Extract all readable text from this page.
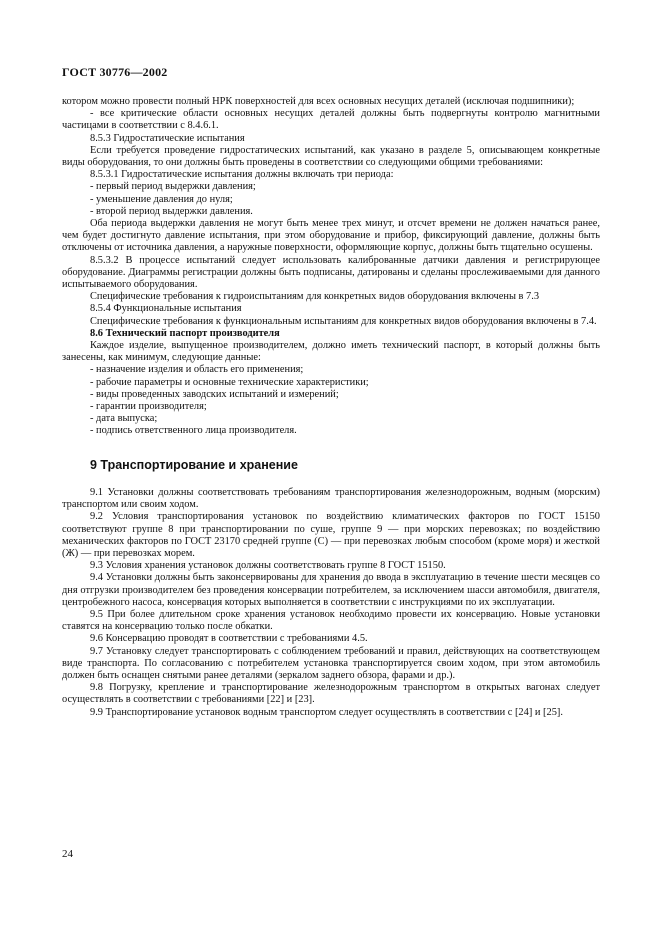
ГОСТ 30776—2002

котором можно провести полный НРК поверхностей для всех основных несущих деталей (исключая подшипники);

- все критические области основных несущих деталей должны быть подвергнуты контролю магнитными частицами в соответствии с 8.4.6.1.

8.5.3 Гидростатические испытания

Если требуется проведение гидростатических испытаний, как указано в разделе 5, описывающем конкретные виды оборудования, то они должны быть проведены в соответствии со следующими общими требованиями:

8.5.3.1 Гидростатические испытания должны включать три периода:

- первый период выдержки давления;

- уменьшение давления до нуля;

- второй период выдержки давления.

Оба периода выдержки давления не могут быть менее трех минут, и отсчет времени не должен начаться ранее, чем будет достигнуто давление испытания, при этом оборудование и прибор, фиксирующий давление, должны быть отключены от источника давления, а наружные поверхности, оформляющие корпус, должны быть тщательно осушены.

8.5.3.2 В процессе испытаний следует использовать калиброванные датчики давления и регистрирующее оборудование. Диаграммы регистрации должны быть подписаны, датированы и сделаны прослеживаемыми для данного испытываемого оборудования.

Специфические требования к гидроиспытаниям для конкретных видов оборудования включены в 7.3

8.5.4 Функциональные испытания

Специфические требования к функциональным испытаниям для конкретных видов оборудования включены в 7.4.

8.6 Технический паспорт производителя

Каждое изделие, выпущенное производителем, должно иметь технический паспорт, в который должны быть занесены, как минимум, следующие данные:

- назначение изделия и область его применения;

- рабочие параметры и основные технические характеристики;

- виды проведенных заводских испытаний и измерений;

- гарантии производителя;

- дата выпуска;

- подпись ответственного лица производителя.

9 Транспортирование и хранение

9.1 Установки должны соответствовать требованиям транспортирования железнодорожным, водным (морским) транспортом или своим ходом.

9.2 Условия транспортирования установок по воздействию климатических факторов по ГОСТ 15150 соответствуют группе 8 при транспортировании по суше, группе 9 — при морских перевозках; по воздействию механических факторов по ГОСТ 23170 средней группе (С) — при перевозках любым способом (кроме моря) и жесткой (Ж) — при перевозках морем.

9.3 Условия хранения установок должны соответствовать группе 8 ГОСТ 15150.

9.4 Установки должны быть законсервированы для хранения до ввода в эксплуатацию в течение шести месяцев со дня отгрузки производителем без проведения консервации потребителем, за исключением шасси автомобиля, двигателя, центробежного насоса, консервация которых выполняется в соответствии с инструкциями по их эксплуатации.

9.5 При более длительном сроке хранения установок необходимо провести их консервацию. Новые установки ставятся на консервацию только после обкатки.

9.6 Консервацию проводят в соответствии с требованиями 4.5.

9.7 Установку следует транспортировать с соблюдением требований и правил, действующих на соответствующем виде транспорта. По согласованию с потребителем установка транспортируется своим ходом, при этом автомобиль должен быть оснащен снятыми ранее деталями (зеркалом заднего обзора, фарами и др.).

9.8 Погрузку, крепление и транспортирование железнодорожным транспортом в открытых вагонах следует осуществлять в соответствии с требованиями [22] и [23].

9.9 Транспортирование установок водным транспортом следует осуществлять в соответствии с [24] и [25].

24
